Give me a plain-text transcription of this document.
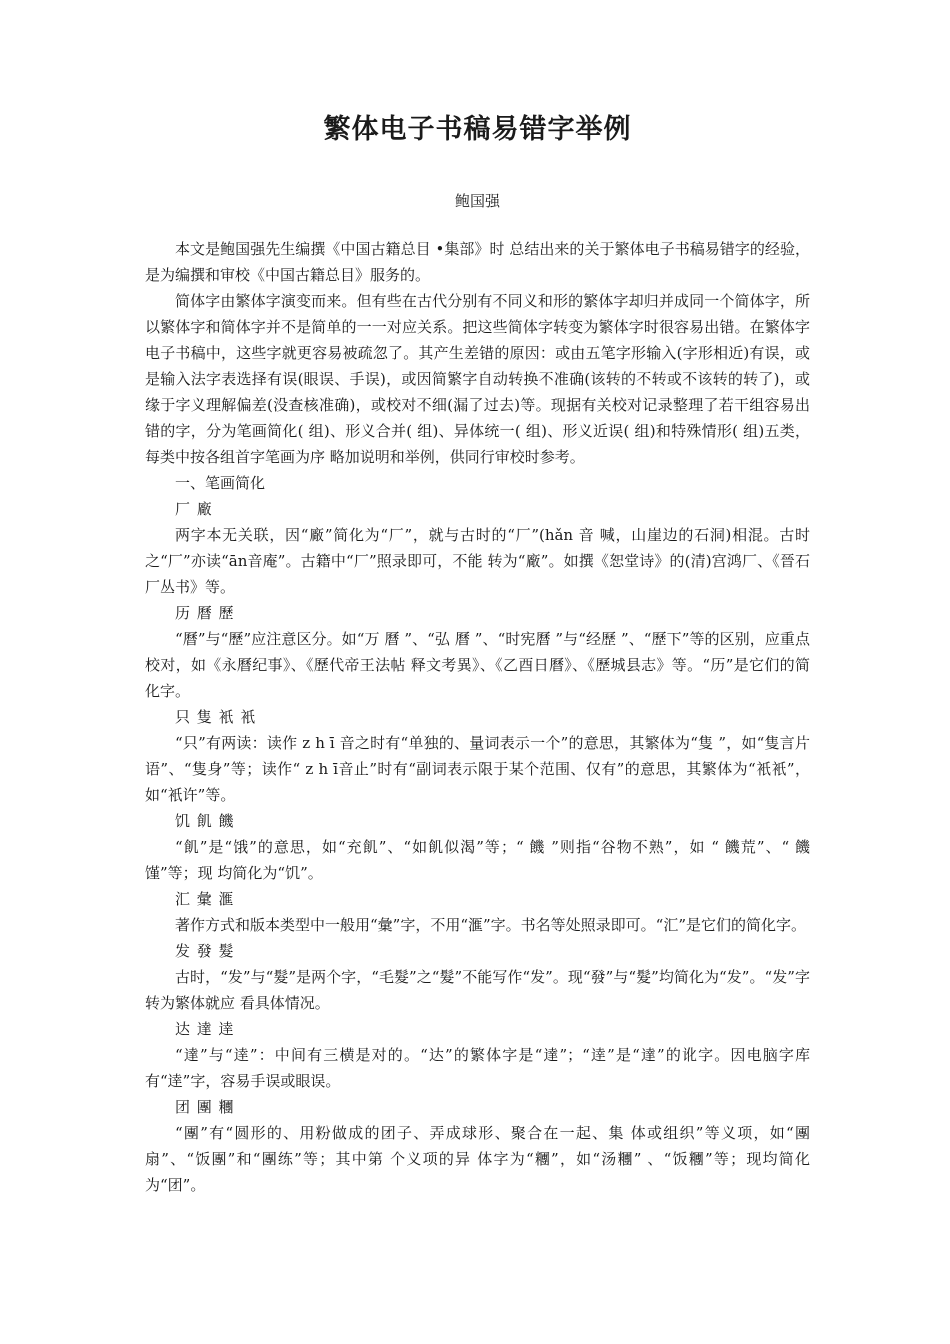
繁体电子书稿易错字举例
鲍国强

本文是鲍国强先生编撰《中国古籍总目 •集部》时 总结出来的关于繁体电子书稿易错字的经验，是为编撰和审校《中国古籍总目》服务的。

简体字由繁体字演变而来。但有些在古代分别有不同义和形的繁体字却归并成同一个简体字，所以繁体字和简体字并不是简单的一一对应关系。把这些简体字转变为繁体字时很容易出错。在繁体字电子书稿中，这些字就更容易被疏忽了。其产生差错的原因：或由五笔字形输入(字形相近)有误，或是输入法字表选择有误(眼误、手误)，或因简繁字自动转换不准确(该转的不转或不该转的转了)，或缘于字义理解偏差(没查核准确)，或校对不细(漏了过去)等。现据有关校对记录整理了若干组容易出错的字，分为笔画简化( 组)、形义合并( 组)、异体统一( 组)、形义近误( 组)和特殊情形( 组)五类，每类中按各组首字笔画为序 略加说明和举例，供同行审校时参考。

一、笔画简化

厂 廠

两字本无关联，因“廠”简化为“厂”，就与古时的“厂”(hǎn 音 喊，山崖边的石洞)相混。古时之“厂”亦读“ān音庵”。古籍中“厂”照录即可，不能 转为“廠”。如撰《恕堂诗》的(清)宫鸿厂、《晉石厂丛书》等。

历 曆 歷

“曆”与“歷”应注意区分。如“万 曆 ”、“弘 曆 ”、“时宪曆 ”与“经歷 ”、“歷下”等的区别，应重点校对，如《永曆纪事》、《歷代帝王法帖 释文考異》、《乙酉日曆》、《歷城县志》等。“历”是它们的简化字。

只 隻 衹 衹

“只”有两读：读作 z h ī 音之时有“单独的、量词表示一个”的意思，其繁体为“隻 ”，如“隻言片语”、“隻身”等；读作“ z h ī音止”时有“副词表示限于某个范围、仅有”的意思，其繁体为“衹衹”，如“衹许”等。

饥 飢 饑

“飢”是“饿”的意思，如“充飢”、“如飢似渴”等；“ 饑 ”则指“谷物不熟”，如 “ 饑荒”、“ 饑馑”等；现 均简化为“饥”。

汇 彙 滙

著作方式和版本类型中一般用“彙”字，不用“滙”字。书名等处照录即可。“汇”是它们的简化字。

发 發 髮

古时，“发”与“髮”是两个字，“毛髮”之“髮”不能写作“发”。现“發”与“髮”均简化为“发”。“发”字转为繁体就应 看具体情况。

达 達 逹

“達”与“逹”：中间有三横是对的。“达”的繁体字是“達”；“逹”是“達”的讹字。因电脑字库 有“逹”字，容易手误或眼误。

团 團 糰

“團”有“圆形的、用粉做成的团子、弄成球形、聚合在一起、集 体或组织”等义项，如“團扇”、“饭團”和“團练”等；其中第 个义项的异 体字为“糰”，如“汤糰” 、“饭糰”等；现均简化为“团”。
